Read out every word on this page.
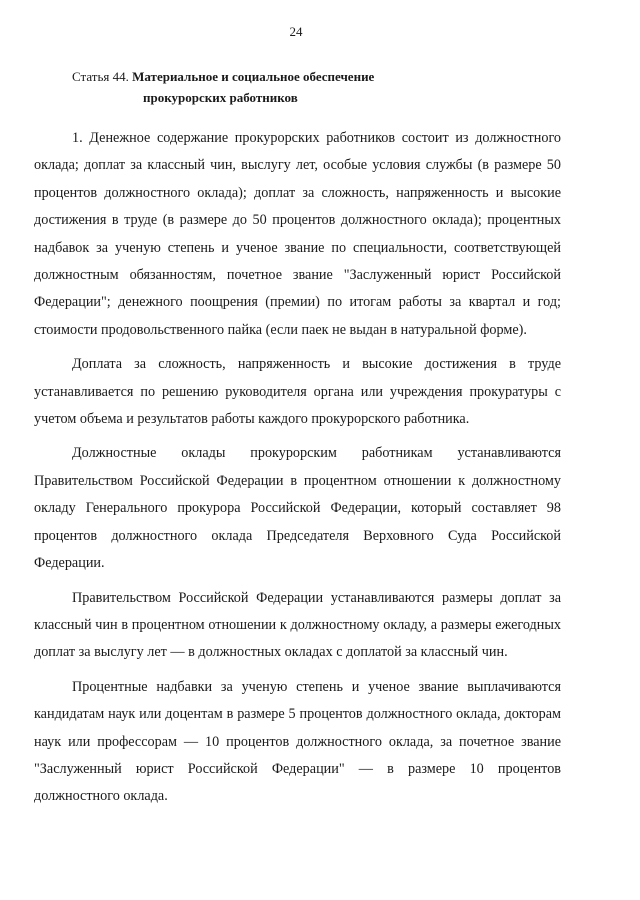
24
Статья 44. Материальное и социальное обеспечение
прокурорских работников

1. Денежное содержание прокурорских работников состоит из должностного оклада; доплат за классный чин, выслугу лет, особые условия службы (в размере 50 процентов должностного оклада); доплат за сложность, напряженность и высокие достижения в труде (в размере до 50 процентов должностного оклада); процентных надбавок за ученую степень и ученое звание по специальности, соответствующей должностным обязанностям, почетное звание "Заслуженный юрист Российской Федерации"; денежного поощрения (премии) по итогам работы за квартал и год; стоимости продовольственного пайка (если паек не выдан в натуральной форме).

Доплата за сложность, напряженность и высокие достижения в труде устанавливается по решению руководителя органа или учреждения прокуратуры с учетом объема и результатов работы каждого прокурорского работника.

Должностные оклады прокурорским работникам устанавливаются Правительством Российской Федерации в процентном отношении к должностному окладу Генерального прокурора Российской Федерации, который составляет 98 процентов должностного оклада Председателя Верховного Суда Российской Федерации.

Правительством Российской Федерации устанавливаются размеры доплат за классный чин в процентном отношении к должностному окладу, а размеры ежегодных доплат за выслугу лет — в должностных окладах с доплатой за классный чин.

Процентные надбавки за ученую степень и ученое звание выплачиваются кандидатам наук или доцентам в размере 5 процентов должностного оклада, докторам наук или профессорам — 10 процентов должностного оклада, за почетное звание "Заслуженный юрист Российской Федерации" — в размере 10 процентов должностного оклада.
